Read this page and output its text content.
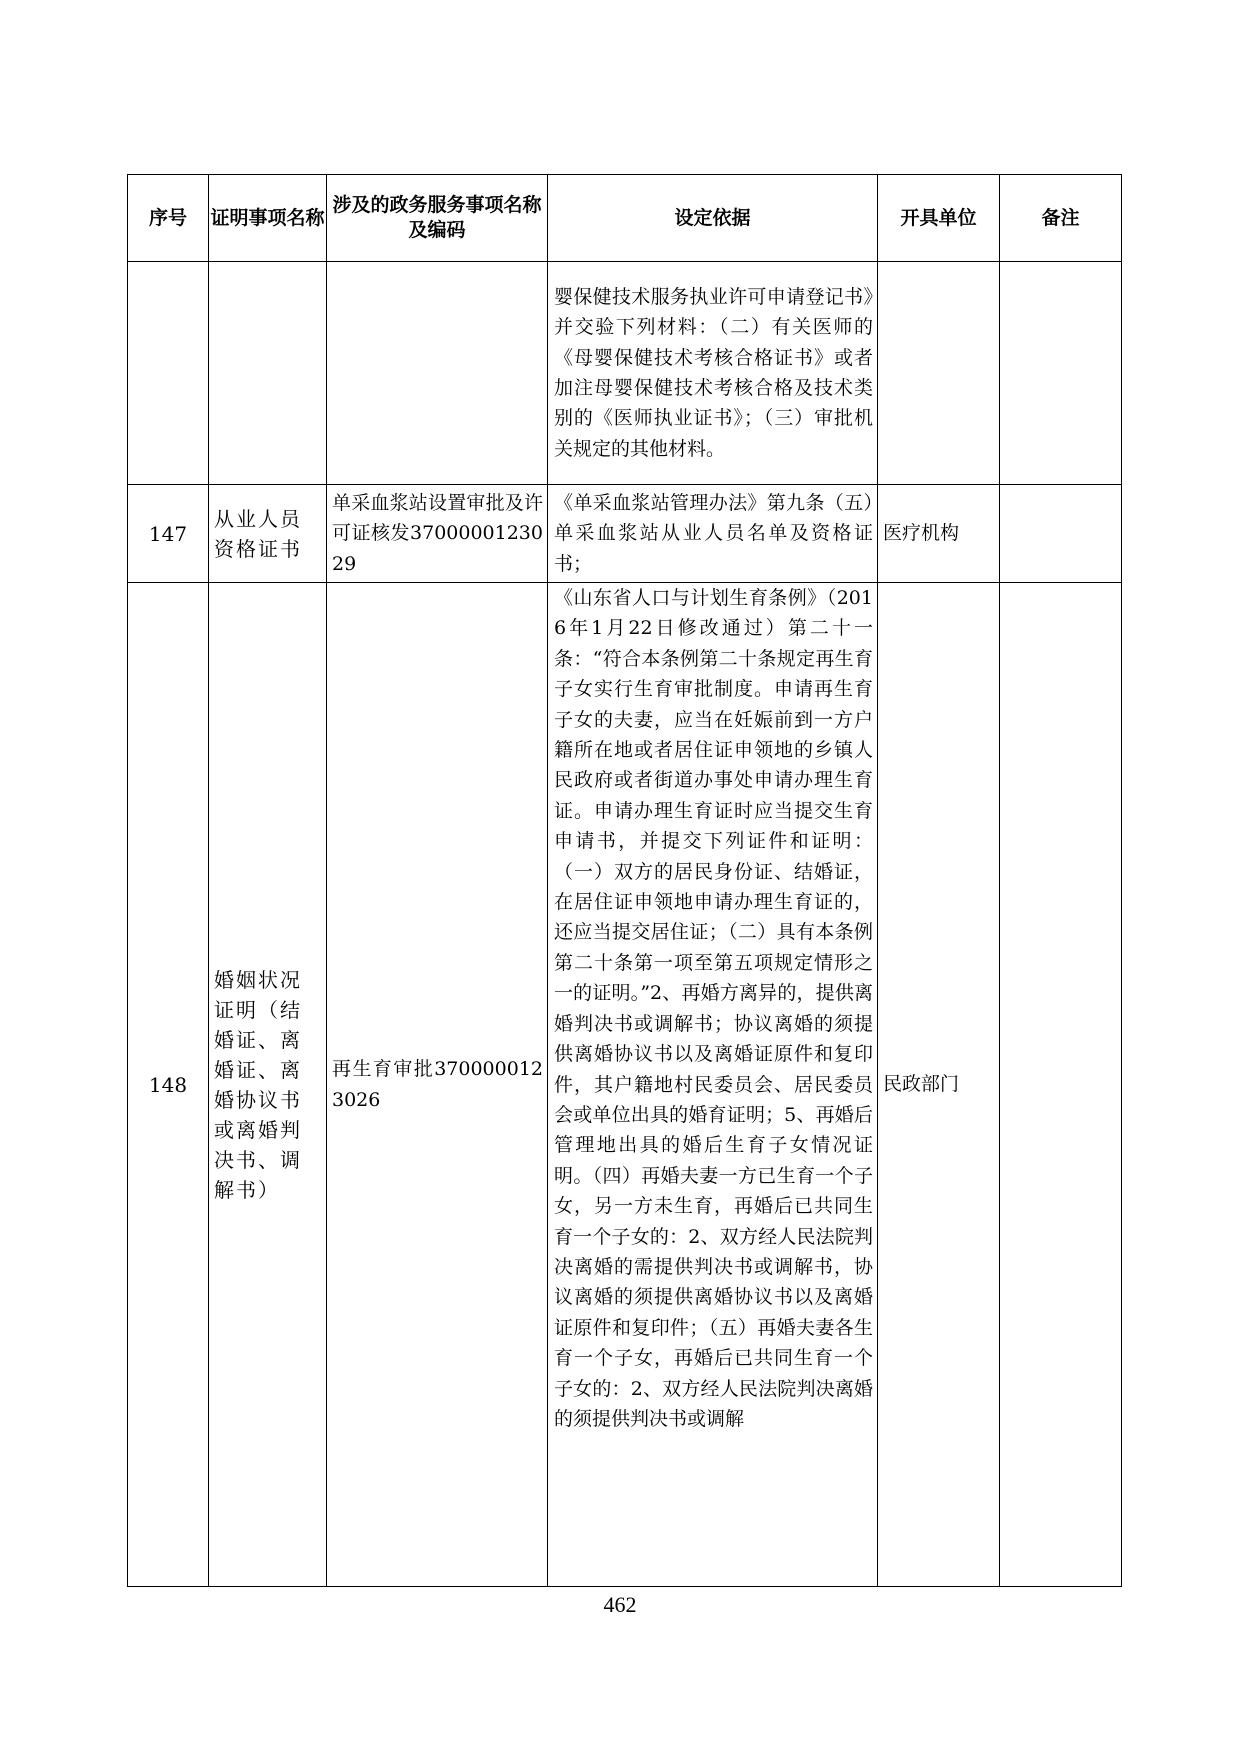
序号	证明事项名称	涉及的政务服务事项名称及编码	设定依据	开具单位	备注
			婴保健技术服务执业许可申请登记书》并交验下列材料：（二）有关医师的《母婴保健技术考核合格证书》或者加注母婴保健技术考核合格及技术类别的《医师执业证书》；（三）审批机关规定的其他材料。		
147	从业人员资格证书	单采血浆站设置审批及许可证核发3700000123029	《单采血浆站管理办法》第九条（五）单采血浆站从业人员名单及资格证书；	医疗机构	
148	婚姻状况证明（结婚证、离婚证、离婚协议书或离婚判决书、调解书）	再生育审批3700000123026	《山东省人口与计划生育条例》（2016年1月22日修改通过）第二十一条：“符合本条例第二十条规定再生育子女实行生育审批制度。申请再生育子女的夫妻，应当在妊娠前到一方户籍所在地或者居住证申领地的乡镇人民政府或者街道办事处申请办理生育证。申请办理生育证时应当提交生育申请书，并提交下列证件和证明：（一）双方的居民身份证、结婚证，在居住证申领地申请办理生育证的，还应当提交居住证；（二）具有本条例第二十条第一项至第五项规定情形之一的证明。”2、再婚方离异的，提供离婚判决书或调解书；协议离婚的须提供离婚协议书以及离婚证原件和复印件，其户籍地村民委员会、居民委员会或单位出具的婚育证明；5、再婚后管理地出具的婚后生育子女情况证明。（四）再婚夫妻一方已生育一个子女，另一方未生育，再婚后已共同生育一个子女的：2、双方经人民法院判决离婚的需提供判决书或调解书，协议离婚的须提供离婚协议书以及离婚证原件和复印件；（五）再婚夫妻各生育一个子女，再婚后已共同生育一个子女的：2、双方经人民法院判决离婚的须提供判决书或调解	民政部门	
462
